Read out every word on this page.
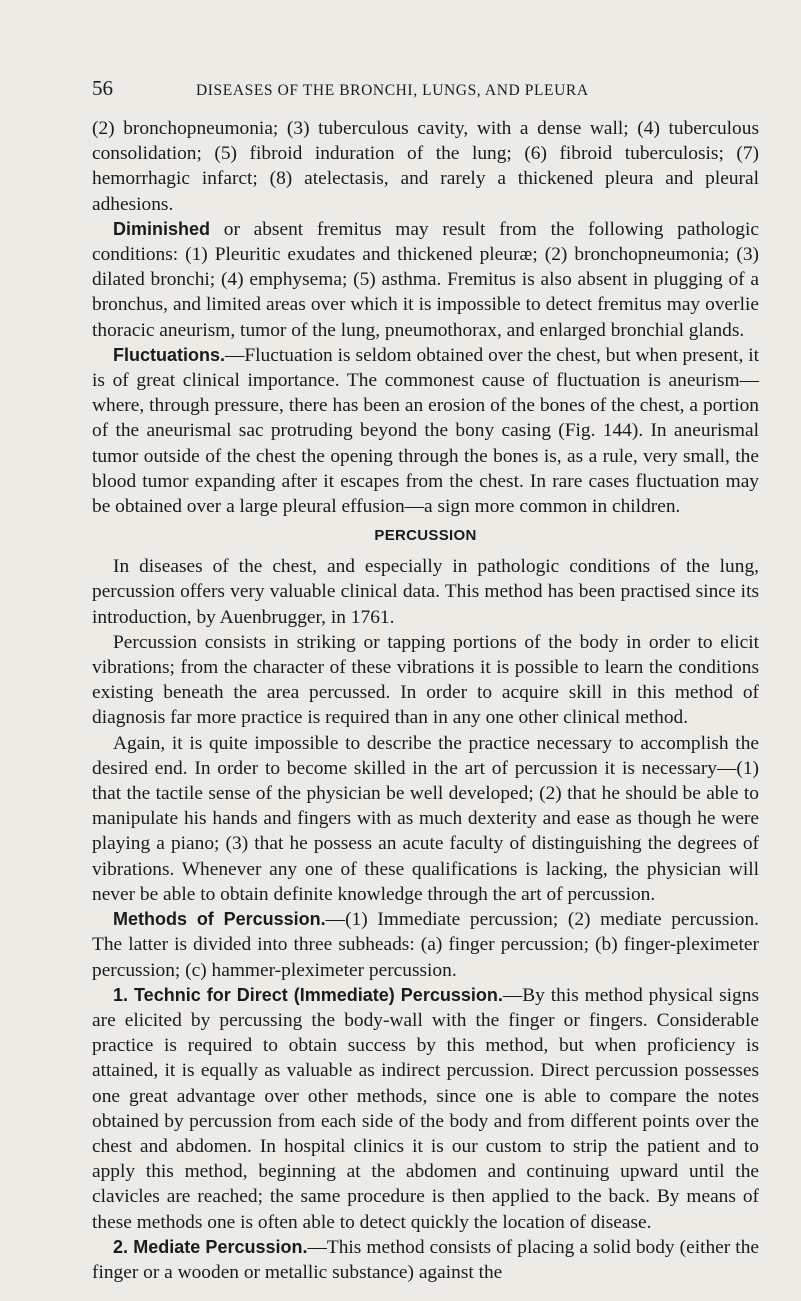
56	DISEASES OF THE BRONCHI, LUNGS, AND PLEURA

(2) bronchopneumonia; (3) tuberculous cavity, with a dense wall; (4) tuberculous consolidation; (5) fibroid induration of the lung; (6) fibroid tuberculosis; (7) hemorrhagic infarct; (8) atelectasis, and rarely a thickened pleura and pleural adhesions.

Diminished or absent fremitus may result from the following pathologic conditions: (1) Pleuritic exudates and thickened pleuræ; (2) bronchopneumonia; (3) dilated bronchi; (4) emphysema; (5) asthma. Fremitus is also absent in plugging of a bronchus, and limited areas over which it is impossible to detect fremitus may overlie thoracic aneurism, tumor of the lung, pneumothorax, and enlarged bronchial glands.

Fluctuations.—Fluctuation is seldom obtained over the chest, but when present, it is of great clinical importance. The commonest cause of fluctuation is aneurism—where, through pressure, there has been an erosion of the bones of the chest, a portion of the aneurismal sac protruding beyond the bony casing (Fig. 144). In aneurismal tumor outside of the chest the opening through the bones is, as a rule, very small, the blood tumor expanding after it escapes from the chest. In rare cases fluctuation may be obtained over a large pleural effusion—a sign more common in children.

PERCUSSION

In diseases of the chest, and especially in pathologic conditions of the lung, percussion offers very valuable clinical data. This method has been practised since its introduction, by Auenbrugger, in 1761.

Percussion consists in striking or tapping portions of the body in order to elicit vibrations; from the character of these vibrations it is possible to learn the conditions existing beneath the area percussed. In order to acquire skill in this method of diagnosis far more practice is required than in any one other clinical method.

Again, it is quite impossible to describe the practice necessary to accomplish the desired end. In order to become skilled in the art of percussion it is necessary—(1) that the tactile sense of the physician be well developed; (2) that he should be able to manipulate his hands and fingers with as much dexterity and ease as though he were playing a piano; (3) that he possess an acute faculty of distinguishing the degrees of vibrations. Whenever any one of these qualifications is lacking, the physician will never be able to obtain definite knowledge through the art of percussion.

Methods of Percussion.—(1) Immediate percussion; (2) mediate percussion. The latter is divided into three subheads: (a) finger percussion; (b) finger-pleximeter percussion; (c) hammer-pleximeter percussion.

1. Technic for Direct (Immediate) Percussion.—By this method physical signs are elicited by percussing the body-wall with the finger or fingers. Considerable practice is required to obtain success by this method, but when proficiency is attained, it is equally as valuable as indirect percussion. Direct percussion possesses one great advantage over other methods, since one is able to compare the notes obtained by percussion from each side of the body and from different points over the chest and abdomen. In hospital clinics it is our custom to strip the patient and to apply this method, beginning at the abdomen and continuing upward until the clavicles are reached; the same procedure is then applied to the back. By means of these methods one is often able to detect quickly the location of disease.

2. Mediate Percussion.—This method consists of placing a solid body (either the finger or a wooden or metallic substance) against the
